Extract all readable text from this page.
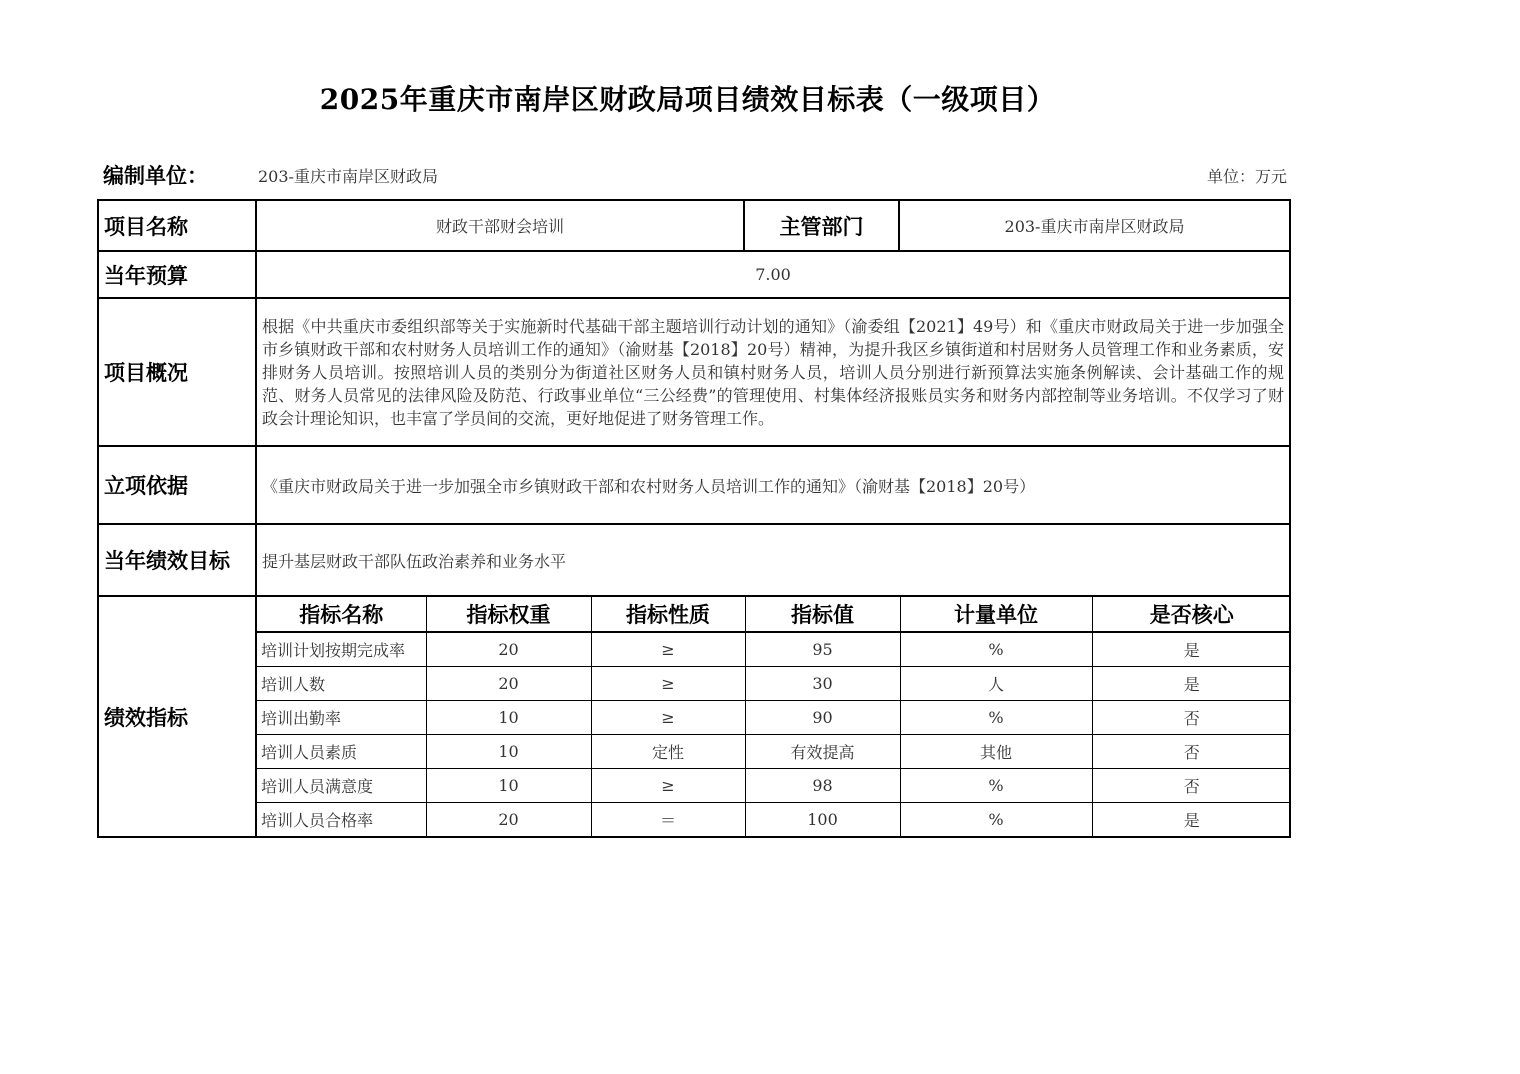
2025年重庆市南岸区财政局项目绩效目标表（一级项目）
编制单位：	203-重庆市南岸区财政局	单位：万元
项目名称	财政干部财会培训	主管部门	203-重庆市南岸区财政局
当年预算	7.00
项目概况	根据《中共重庆市委组织部等关于实施新时代基础干部主题培训行动计划的通知》（渝委组【2021】49号）和《重庆市财政局关于进一步加强全市乡镇财政干部和农村财务人员培训工作的通知》（渝财基【2018】20号）精神，为提升我区乡镇街道和村居财务人员管理工作和业务素质，安排财务人员培训。按照培训人员的类别分为街道社区财务人员和镇村财务人员，培训人员分别进行新预算法实施条例解读、会计基础工作的规范、财务人员常见的法律风险及防范、行政事业单位“三公经费”的管理使用、村集体经济报账员实务和财务内部控制等业务培训。不仅学习了财政会计理论知识，也丰富了学员间的交流，更好地促进了财务管理工作。
立项依据	《重庆市财政局关于进一步加强全市乡镇财政干部和农村财务人员培训工作的通知》（渝财基【2018】20号）
当年绩效目标	提升基层财政干部队伍政治素养和业务水平
绩效指标	
指标名称	指标权重	指标性质	指标值	计量单位	是否核心
培训计划按期完成率	20	≥	95	%	是
培训人数	20	≥	30	人	是
培训出勤率	10	≥	90	%	否
培训人员素质	10	定性	有效提高	其他	否
培训人员满意度	10	≥	98	%	否
培训人员合格率	20	＝	100	%	是
